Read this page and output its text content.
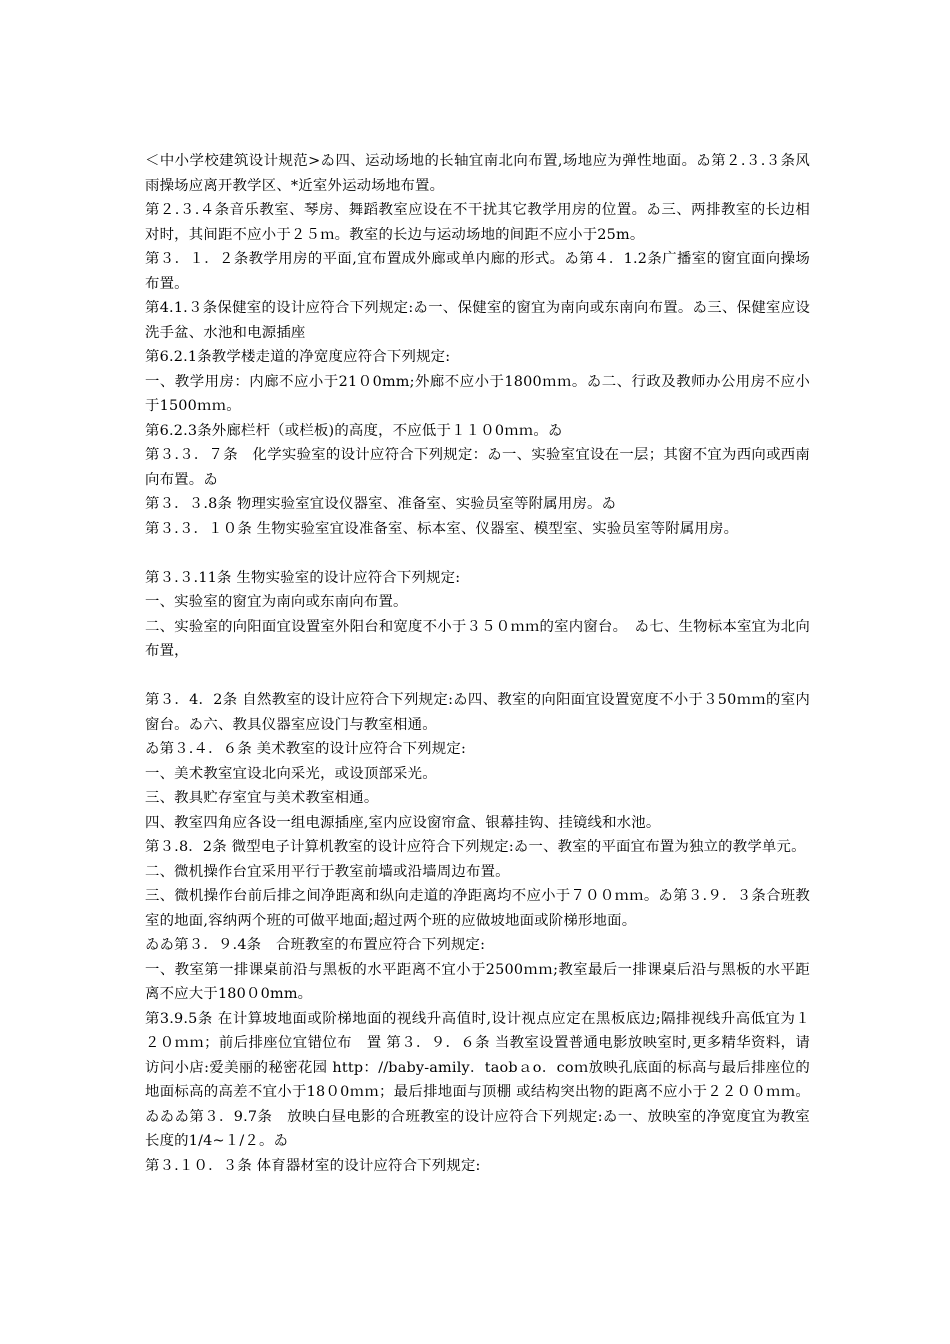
＜中小学校建筑设计规范>ゐ四、运动场地的长轴宜南北向布置,场地应为弹性地面。ゐ第２.３.３条风雨操场应离开教学区、*近室外运动场地布置。

第２.３.４条音乐教室、琴房、舞蹈教室应设在不干扰其它教学用房的位置。ゐ三、两排教室的长边相对时，其间距不应小于２５ｍ。教室的长边与运动场地的间距不应小于25m。

第３．１．２条教学用房的平面,宜布置成外廊或单内廊的形式。ゐ第４．1.2条广播室的窗宜面向操场布置。

第4.1.３条保健室的设计应符合下列规定:ゐ一、保健室的窗宜为南向或东南向布置。ゐ三、保健室应设洗手盆、水池和电源插座

第6.2.1条教学楼走道的净宽度应符合下列规定:

一、教学用房：内廊不应小于21０0mm;外廊不应小于1800ｍｍ。ゐ二、行政及教师办公用房不应小于1500ｍｍ。

第6.2.3条外廊栏杆（或栏板)的高度，不应低于１１０0ｍｍ。ゐ

第３.３．７条　化学实验室的设计应符合下列规定：ゐ一、实验室宜设在一层；其窗不宜为西向或西南向布置。ゐ

第３．３.8条 物理实验室宜设仪器室、准备室、实验员室等附属用房。ゐ

第３.３．１０条 生物实验室宜设准备室、标本室、仪器室、模型室、实验员室等附属用房。

第３.３.11条 生物实验室的设计应符合下列规定:

一、实验室的窗宜为南向或东南向布置。

二、实验室的向阳面宜设置室外阳台和宽度不小于３５０ｍｍ的室内窗台。　ゐ七、生物标本室宜为北向布置，

第３．4．2条 自然教室的设计应符合下列规定:ゐ四、教室的向阳面宜设置宽度不小于３50ｍｍ的室内窗台。ゐ六、教具仪器室应设门与教室相通。

ゐ第３.４．６条 美术教室的设计应符合下列规定:

一、美术教室宜设北向采光，或设顶部采光。

三、教具贮存室宜与美术教室相通。

四、教室四角应各设一组电源插座,室内应设窗帘盒、银幕挂钩、挂镜线和水池。

第３.8．2条 微型电子计算机教室的设计应符合下列规定:ゐ一、教室的平面宜布置为独立的教学单元。

二、微机操作台宜采用平行于教室前墙或沿墙周边布置。

三、微机操作台前后排之间净距离和纵向走道的净距离均不应小于７００ｍｍ。ゐ第３.９．３条合班教室的地面,容纳两个班的可做平地面;超过两个班的应做坡地面或阶梯形地面。

ゐゐ第３．９.4条　合班教室的布置应符合下列规定:

一、教室第一排课桌前沿与黑板的水平距离不宜小于2500ｍｍ;教室最后一排课桌后沿与黑板的水平距离不应大于180０0mm。

第3.9.5条 在计算坡地面或阶梯地面的视线升高值时,设计视点应定在黑板底边;隔排视线升高低宜为１２０ｍｍ；前后排座位宜错位布　置 第３．９．６条 当教室设置普通电影放映室时,更多精华资料，请访问小店:爱美丽的秘密花园 http：//baby-amily．taobａo．coｍ放映孔底面的标高与最后排座位的地面标高的高差不宜小于18０0ｍｍ；最后排地面与顶棚 或结构突出物的距离不应小于２２００ｍｍ。ゐゐゐ第３．9.7条　放映白昼电影的合班教室的设计应符合下列规定:ゐ一、放映室的净宽度宜为教室长度的1/4~１/２。ゐ

第３.１０．３条 体育器材室的设计应符合下列规定:
